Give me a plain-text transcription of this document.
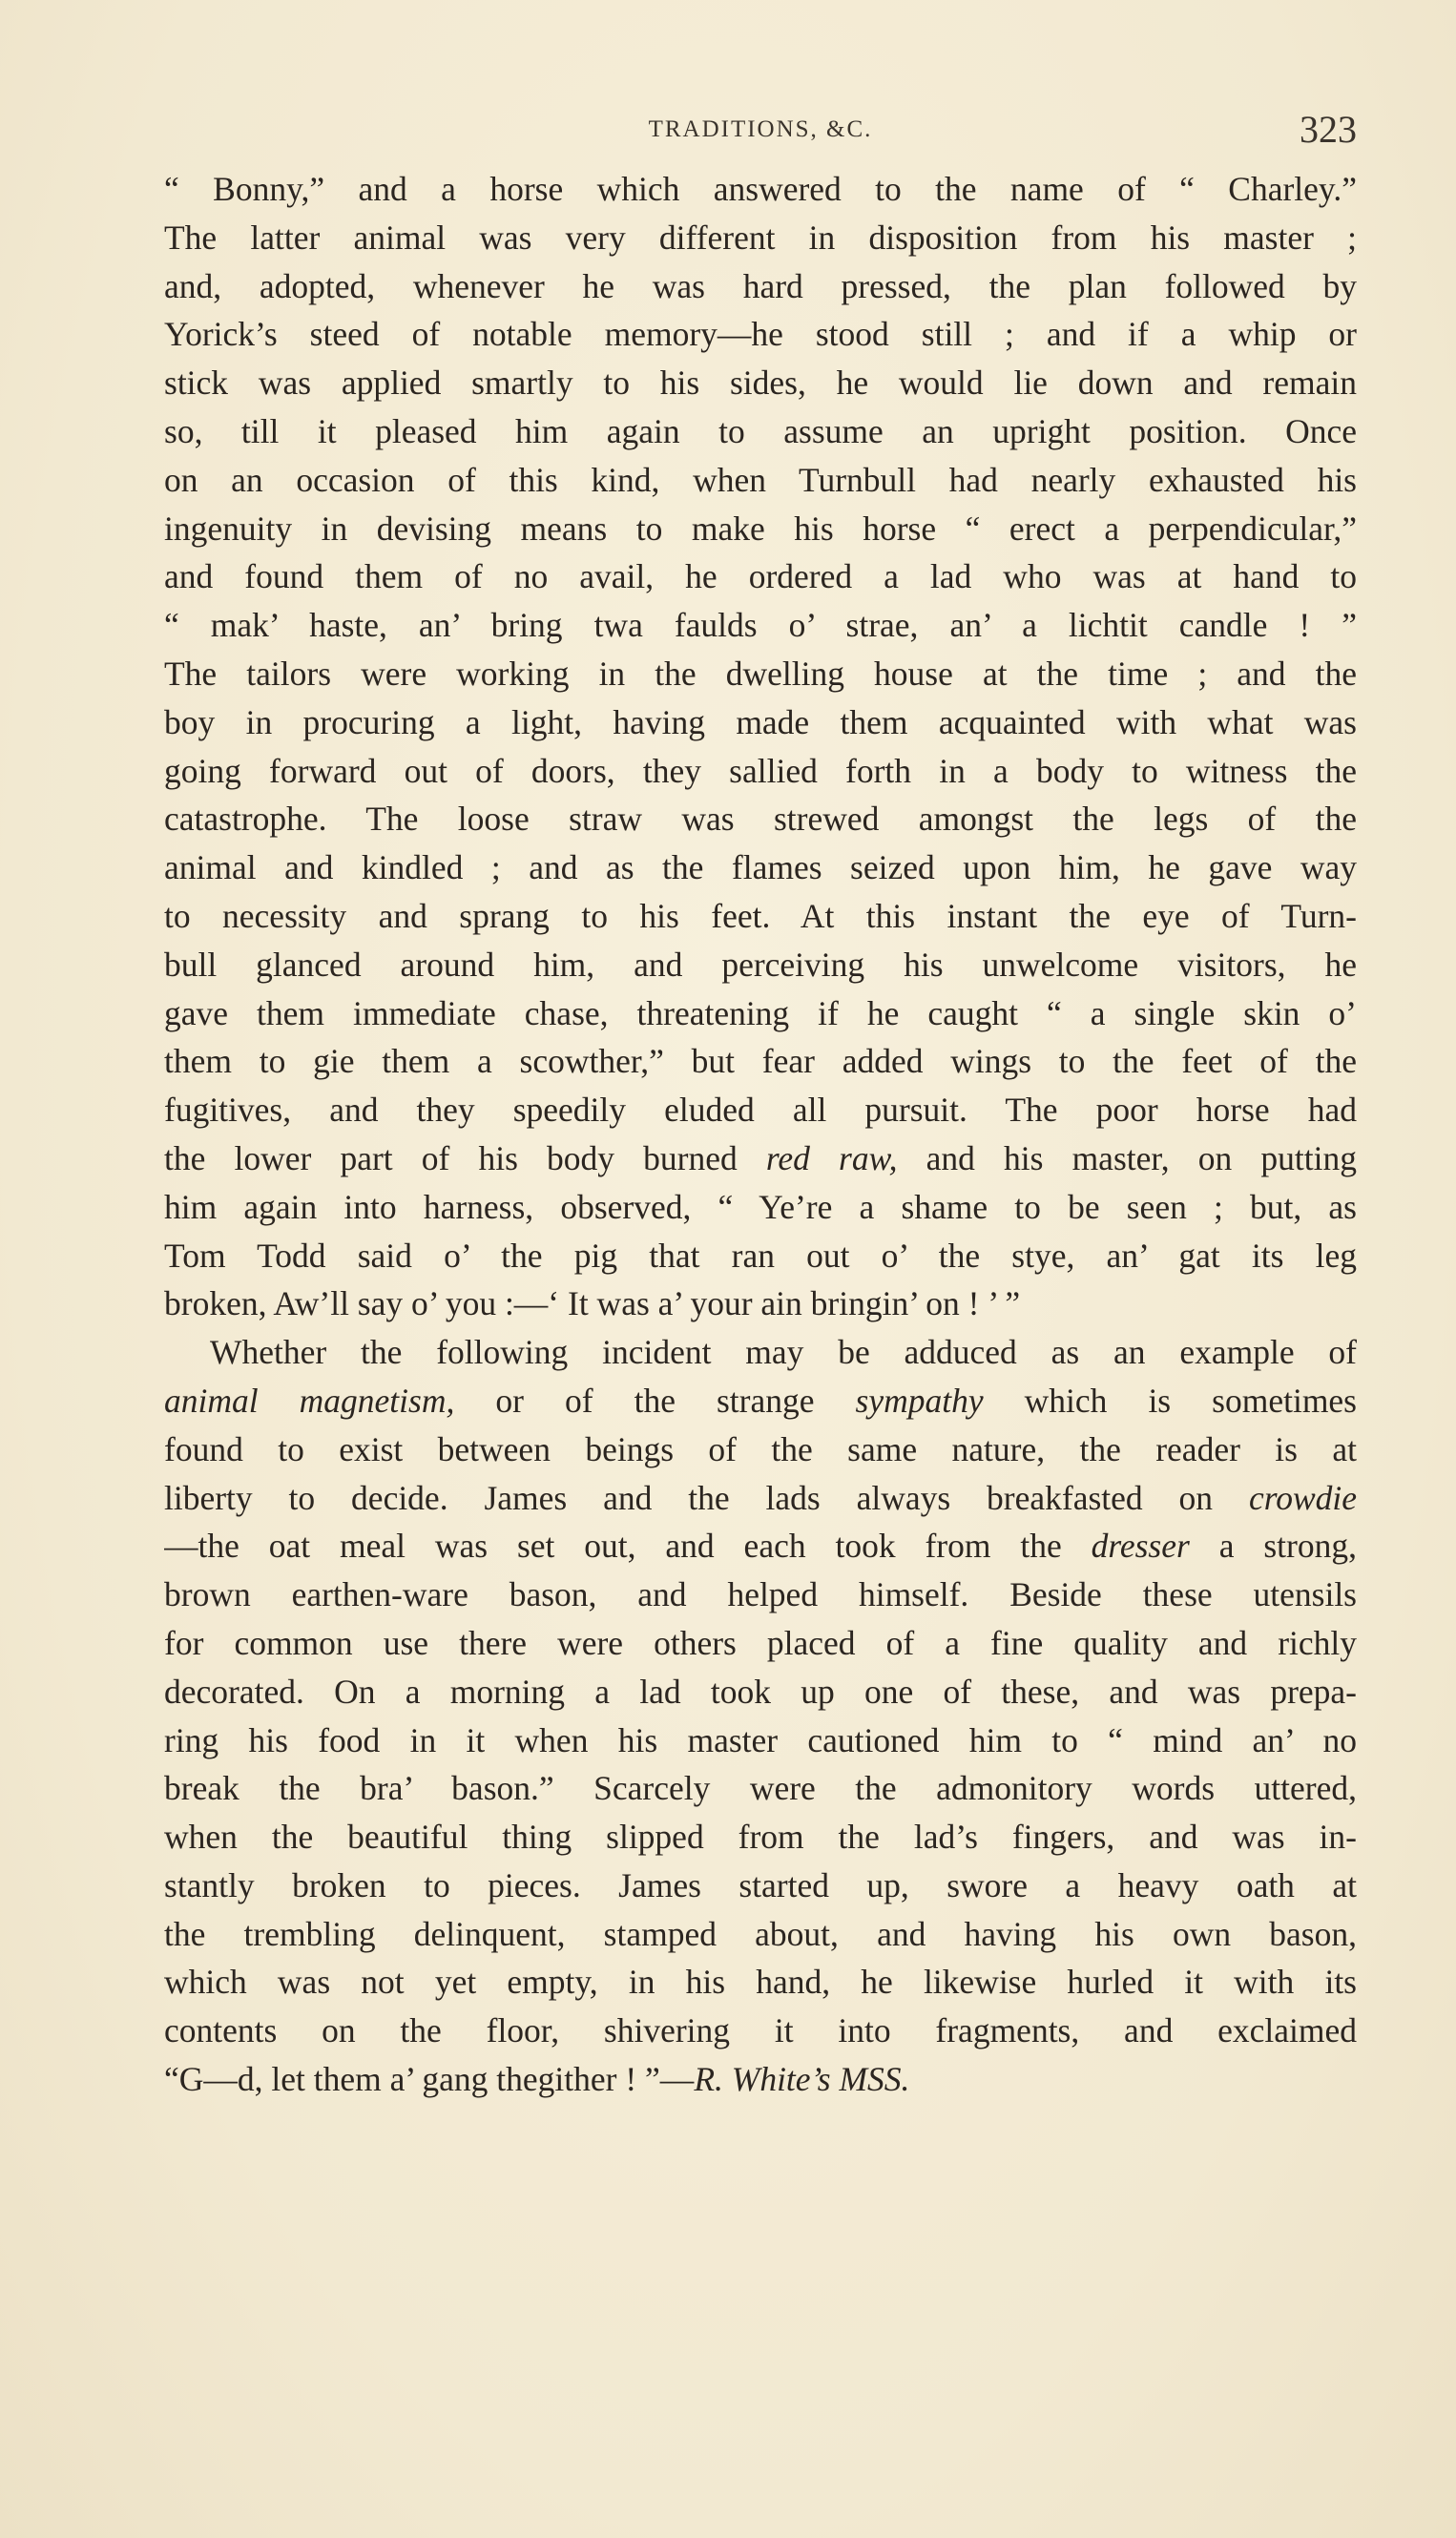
TRADITIONS, &C.	323
“ Bonny,” and a horse which answered to the name of “ Charley.”
The latter animal was very different in disposition from his master ;
and, adopted, whenever he was hard pressed, the plan followed by
Yorick’s steed of notable memory—he stood still ; and if a whip or
stick was applied smartly to his sides, he would lie down and remain
so, till it pleased him again to assume an upright position. Once
on an occasion of this kind, when Turnbull had nearly exhausted his
ingenuity in devising means to make his horse “ erect a perpendicular,”
and found them of no avail, he ordered a lad who was at hand to
“ mak’ haste, an’ bring twa faulds o’ strae, an’ a lichtit candle ! ”
The tailors were working in the dwelling house at the time ; and the
boy in procuring a light, having made them acquainted with what was
going forward out of doors, they sallied forth in a body to witness the
catastrophe. The loose straw was strewed amongst the legs of the
animal and kindled ; and as the flames seized upon him, he gave way
to necessity and sprang to his feet. At this instant the eye of Turn-
bull glanced around him, and perceiving his unwelcome visitors, he
gave them immediate chase, threatening if he caught “ a single skin o’
them to gie them a scowther,” but fear added wings to the feet of the
fugitives, and they speedily eluded all pursuit. The poor horse had
the lower part of his body burned red raw, and his master, on putting
him again into harness, observed, “ Ye’re a shame to be seen ; but, as
Tom Todd said o’ the pig that ran out o’ the stye, an’ gat its leg
broken, Aw’ll say o’ you :—‘ It was a’ your ain bringin’ on ! ’ ”
Whether the following incident may be adduced as an example of
animal magnetism, or of the strange sympathy which is sometimes
found to exist between beings of the same nature, the reader is at
liberty to decide. James and the lads always breakfasted on crowdie
—the oat meal was set out, and each took from the dresser a strong,
brown earthen-ware bason, and helped himself. Beside these utensils
for common use there were others placed of a fine quality and richly
decorated. On a morning a lad took up one of these, and was prepa-
ring his food in it when his master cautioned him to “ mind an’ no
break the bra’ bason.” Scarcely were the admonitory words uttered,
when the beautiful thing slipped from the lad’s fingers, and was in-
stantly broken to pieces. James started up, swore a heavy oath at
the trembling delinquent, stamped about, and having his own bason,
which was not yet empty, in his hand, he likewise hurled it with its
contents on the floor, shivering it into fragments, and exclaimed
“G—d, let them a’ gang thegither ! ”—R. White’s MSS.
